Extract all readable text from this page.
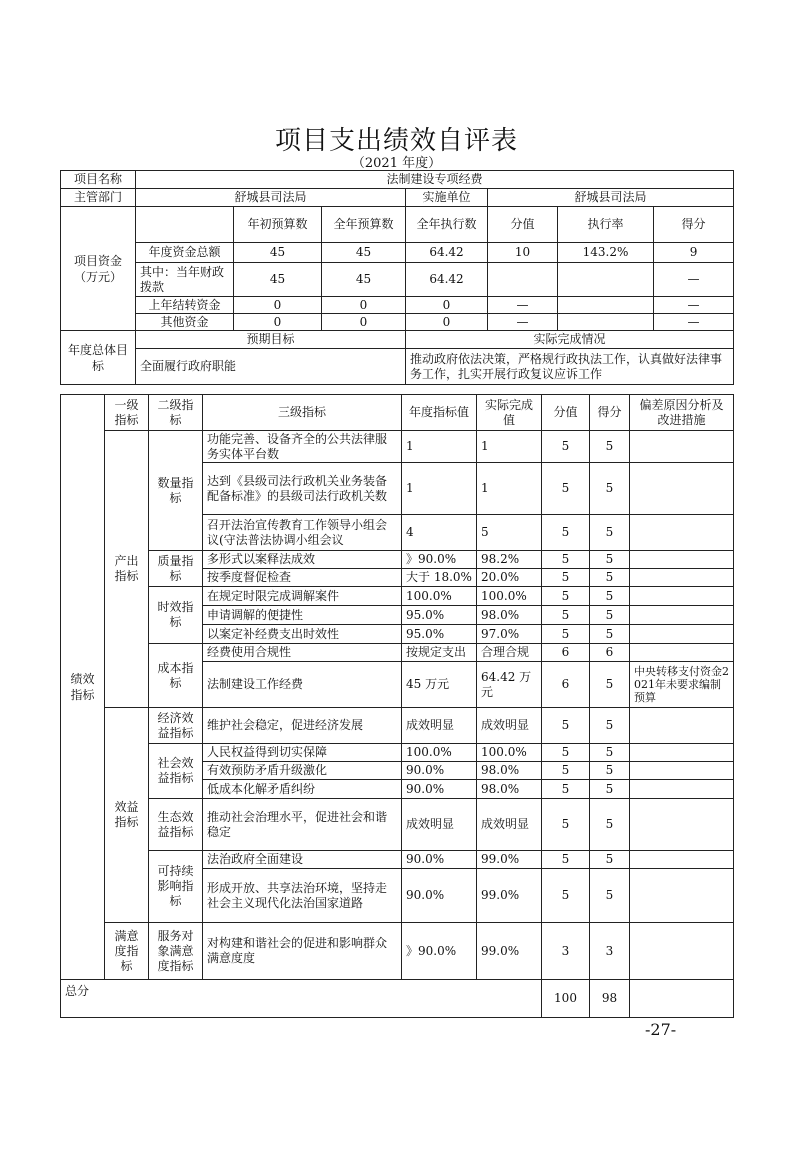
项目支出绩效自评表
（2021 年度）
项目名称	法制建设专项经费						
主管部门	舒城县司法局			实施单位	舒城县司法局		
项目资金（万元）		年初预算数	全年预算数	全年执行数	分值	执行率	得分
	年度资金总额	45	45	64.42	10	143.2%	9
	其中：当年财政拨款	45	45	64.42			—
	上年结转资金	0	0	0	—		—
	其他资金	0	0	0	—		—
年度总体目标	预期目标			实际完成情况			
	全面履行政府职能			推动政府依法决策，严格规行政执法工作，认真做好法律事务工作，扎实开展行政复议应诉工作			
绩效指标	一级指标	二级指标	三级指标	年度指标值	实际完成值	分值	得分	偏差原因分析及改进措施
	产出指标	数量指标	功能完善、设备齐全的公共法律服务实体平台数	1	1	5	5	
			达到《县级司法行政机关业务装备配备标准》的县级司法行政机关数	1	1	5	5	
			召开法治宣传教育工作领导小组会议(守法普法协调小组会议	4	5	5	5	
		质量指标	多形式以案释法成效	》90.0%	98.2%	5	5	
			按季度督促检查	大于 18.0%	20.0%	5	5	
		时效指标	在规定时限完成调解案件	100.0%	100.0%	5	5	
			申请调解的便捷性	95.0%	98.0%	5	5	
			以案定补经费支出时效性	95.0%	97.0%	5	5	
		成本指标	经费使用合规性	按规定支出	合理合规	6	6	
			法制建设工作经费	45 万元	64.42 万元	6	5	中央转移支付资金2021年未要求编制预算
	效益指标	经济效益指标	维护社会稳定，促进经济发展	成效明显	成效明显	5	5	
		社会效益指标	人民权益得到切实保障	100.0%	100.0%	5	5	
			有效预防矛盾升级激化	90.0%	98.0%	5	5	
			低成本化解矛盾纠纷	90.0%	98.0%	5	5	
		生态效益指标	推动社会治理水平，促进社会和谐稳定	成效明显	成效明显	5	5	
		可持续影响指标	法治政府全面建设	90.0%	99.0%	5	5	
			形成开放、共享法治环境，坚持走社会主义现代化法治国家道路	90.0%	99.0%	5	5	
	满意度指标	服务对象满意度指标	对构建和谐社会的促进和影响群众满意度度	》90.0%	99.0%	3	3	
总分						100	98	
-27-
